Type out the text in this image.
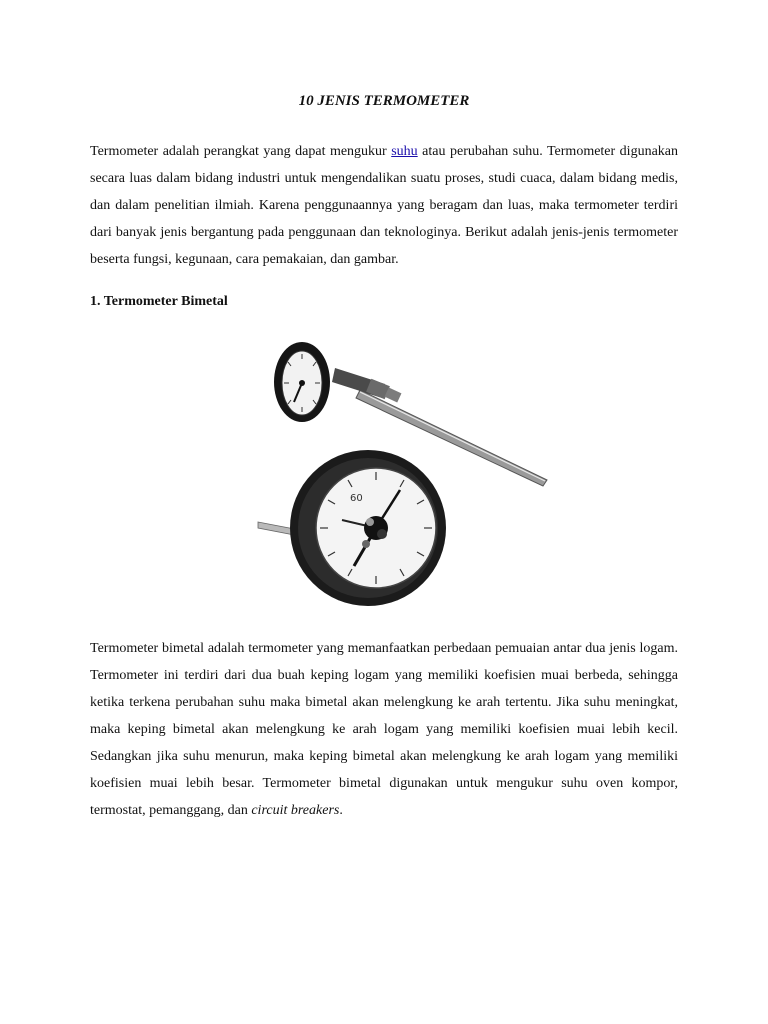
10 JENIS TERMOMETER

Termometer adalah perangkat yang dapat mengukur suhu atau perubahan suhu. Termometer digunakan secara luas dalam bidang industri untuk mengendalikan suatu proses, studi cuaca, dalam bidang medis, dan dalam penelitian ilmiah. Karena penggunaannya yang beragam dan luas, maka termometer terdiri dari banyak jenis bergantung pada penggunaan dan teknologinya. Berikut adalah jenis-jenis termometer beserta fungsi, kegunaan, cara pemakaian, dan gambar.

1. Termometer Bimetal
60

Termometer bimetal adalah termometer yang memanfaatkan perbedaan pemuaian antar dua jenis logam. Termometer ini terdiri dari dua buah keping logam yang memiliki koefisien muai berbeda, sehingga ketika terkena perubahan suhu maka bimetal akan melengkung ke arah tertentu. Jika suhu meningkat, maka keping bimetal akan melengkung ke arah logam yang memiliki koefisien muai lebih kecil. Sedangkan jika suhu menurun, maka keping bimetal akan melengkung ke arah logam yang memiliki koefisien muai lebih besar. Termometer bimetal digunakan untuk mengukur suhu oven kompor, termostat, pemanggang, dan circuit breakers.
